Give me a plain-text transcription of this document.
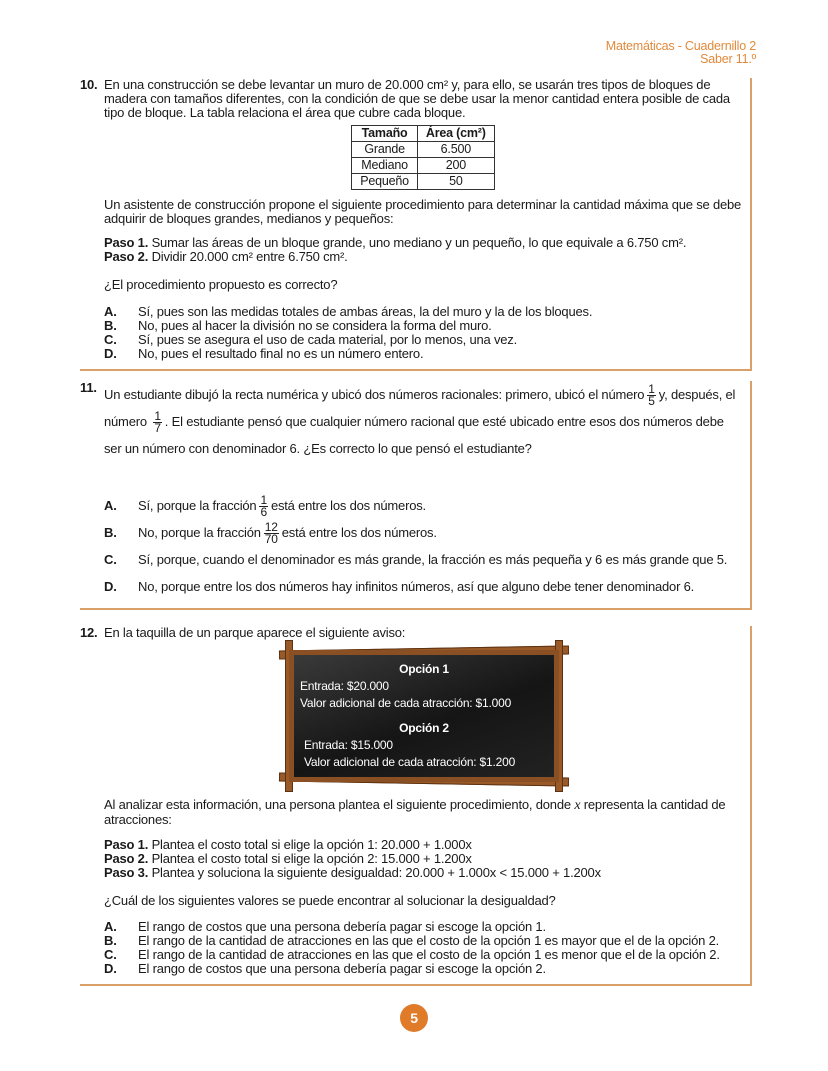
Matemáticas - Cuadernillo 2
Saber 11.º
10. En una construcción se debe levantar un muro de 20.000 cm² y, para ello, se usarán tres tipos de bloques de madera con tamaños diferentes, con la condición de que se debe usar la menor cantidad entera posible de cada tipo de bloque. La tabla relaciona el área que cubre cada bloque.

Tamaño	Área (cm²)
Grande	6.500
Mediano	200
Pequeño	50

Un asistente de construcción propone el siguiente procedimiento para determinar la cantidad máxima que se debe adquirir de bloques grandes, medianos y pequeños:

Paso 1. Sumar las áreas de un bloque grande, uno mediano y un pequeño, lo que equivale a 6.750 cm².

Paso 2. Dividir 20.000 cm² entre 6.750 cm².

¿El procedimiento propuesto es correcto?

A.	Sí, pues son las medidas totales de ambas áreas, la del muro y la de los bloques.
B.	No, pues al hacer la división no se considera la forma del muro.
C.	Sí, pues se asegura el uso de cada material, por lo menos, una vez.
D.	No, pues el resultado final no es un número entero.
11. Un estudiante dibujó la recta numérica y ubicó dos números racionales: primero, ubicó el número $\frac{1}{5} y$, después, el número $\frac{1}{7}$ . El estudiante pensó que cualquier número racional que esté ubicado entre esos dos números debe ser un número con denominador 6. ¿Es correcto lo que pensó el estudiante?

A.	Sí, porque la fracción $\frac{1}{6}$ está entre los dos números.
B.	No, porque la fracción $\frac{12}{70}$ está entre los dos números.
C.	Sí, porque, cuando el denominador es más grande, la fracción es más pequeña y 6 es más grande que 5.
D.	No, porque entre los dos números hay infinitos números, así que alguno debe tener denominador 6.
12. En la taquilla de un parque aparece el siguiente aviso:

Opción 1
Entrada: $20.000
Valor adicional de cada atracción: $1.000
Opción 2
Entrada: $15.000
Valor adicional de cada atracción: $1.200

Al analizar esta información, una persona plantea el siguiente procedimiento, donde x representa la cantidad de atracciones:

Paso 1. Plantea el costo total si elige la opción 1: 20.000 + 1.000x

Paso 2. Plantea el costo total si elige la opción 2: 15.000 + 1.200x

Paso 3. Plantea y soluciona la siguiente desigualdad: 20.000 + 1.000x < 15.000 + 1.200x

¿Cuál de los siguientes valores se puede encontrar al solucionar la desigualdad?

A.	El rango de costos que una persona debería pagar si escoge la opción 1.
B.	El rango de la cantidad de atracciones en las que el costo de la opción 1 es mayor que el de la opción 2.
C.	El rango de la cantidad de atracciones en las que el costo de la opción 1 es menor que el de la opción 2.
D.	El rango de costos que una persona debería pagar si escoge la opción 2.
5
